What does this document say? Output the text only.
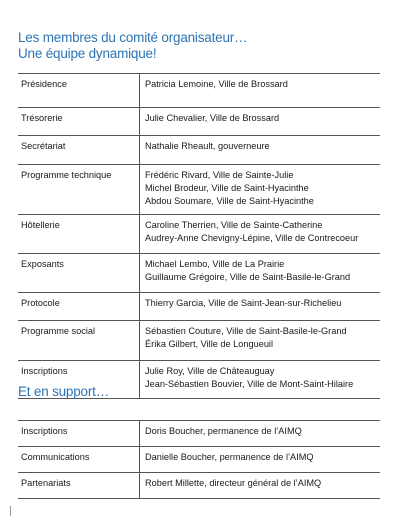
Les membres du comité organisateur…
Une équipe dynamique!
Présidence	Patricia Lemoine, Ville de Brossard

Trésorerie	Julie Chevalier, Ville de Brossard

Secrétariat	Nathalie Rheault, gouverneure

Programme technique	Frédéric Rivard, Ville de Sainte-Julie
Michel Brodeur, Ville de Saint-Hyacinthe
Abdou Soumare, Ville de Saint-Hyacinthe

Hôtellerie	Caroline Therrien, Ville de Sainte-Catherine
Audrey-Anne Chevigny-Lépine, Ville de Contrecoeur

Exposants	Michael Lembo, Ville de La Prairie
Guillaume Grégoire, Ville de Saint-Basile-le-Grand

Protocole	Thierry Garcia, Ville de Saint-Jean-sur-Richelieu

Programme social	Sébastien Couture, Ville de Saint-Basile-le-Grand
Érika Gilbert, Ville de Longueuil

Inscriptions	Julie Roy, Ville de Châteauguay
Jean-Sébastien Bouvier, Ville de Mont-Saint-Hilaire
Et en support…
Inscriptions	Doris Boucher, permanence de l’AIMQ

Communications	Danielle Boucher, permanence de l’AIMQ

Partenariats	Robert Millette, directeur général de l’AIMQ
